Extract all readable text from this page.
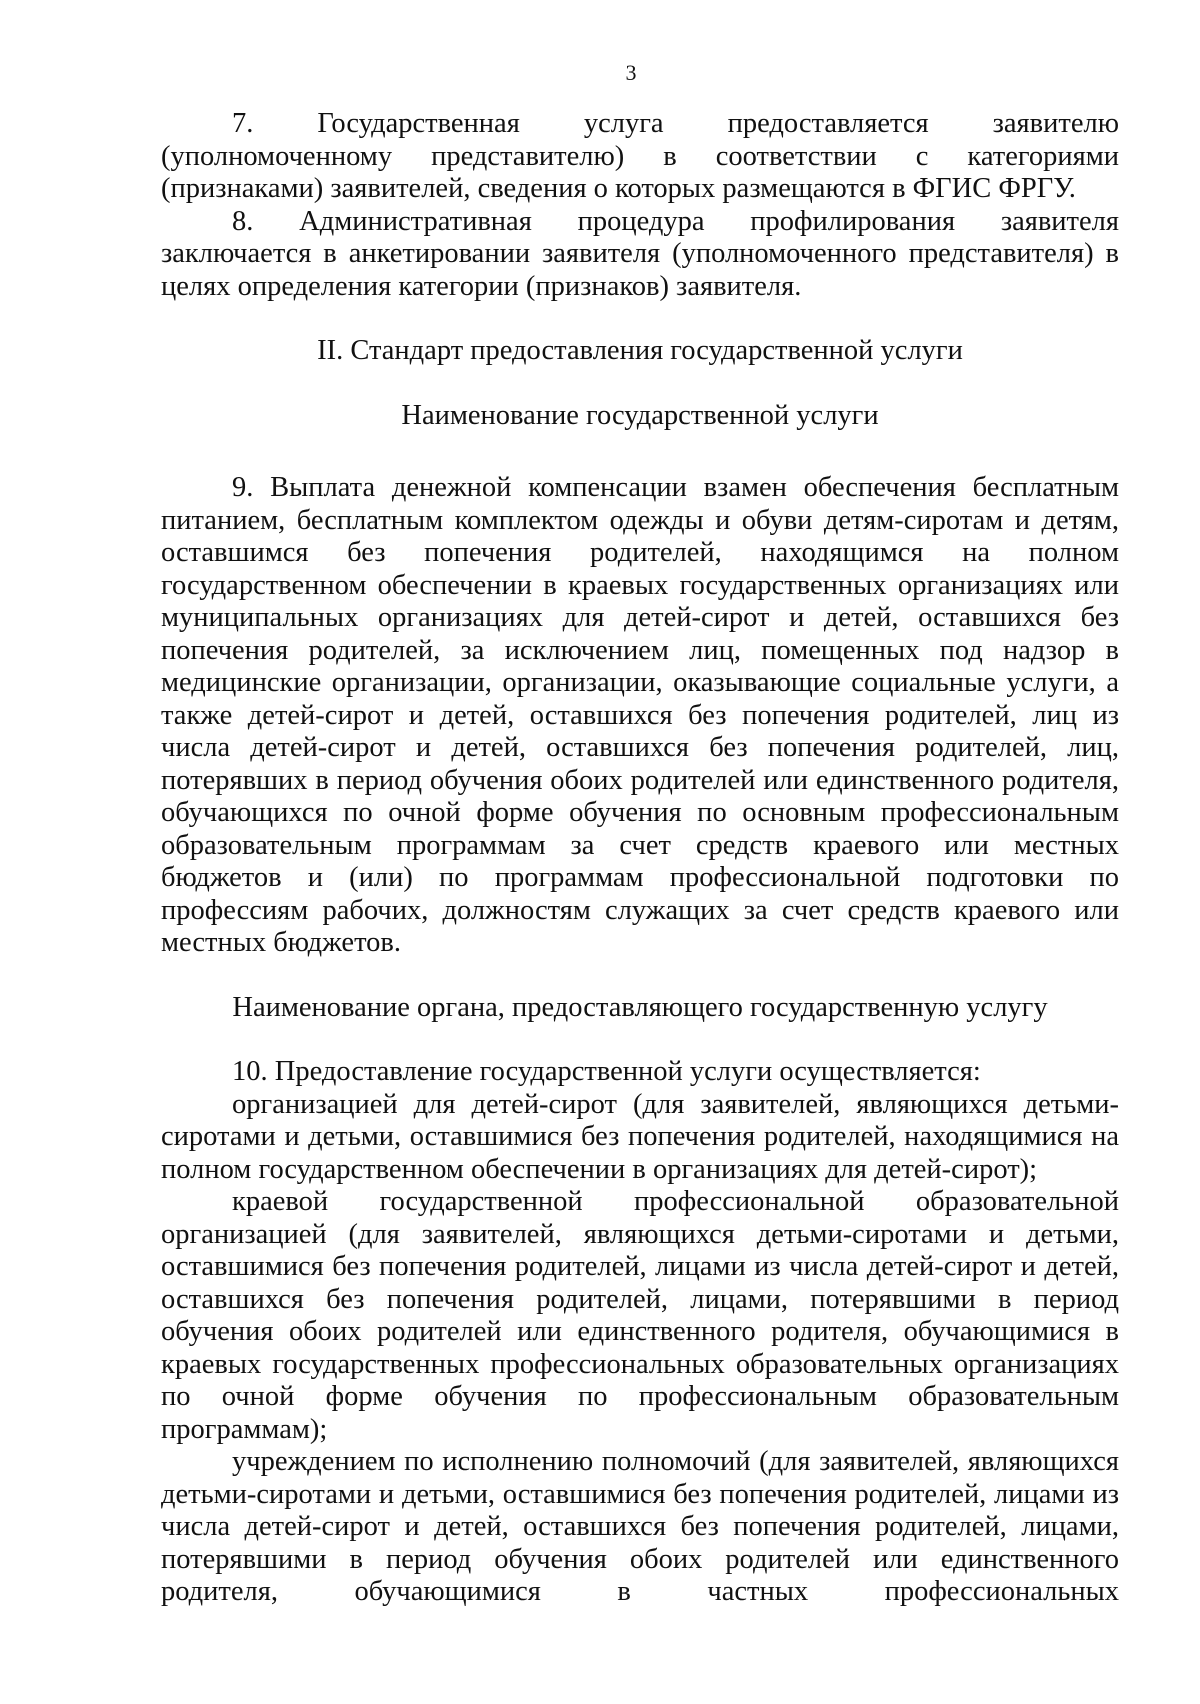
3

7. Государственная услуга предоставляется заявителю (уполномоченному представителю) в соответствии с категориями (признаками) заявителей, сведения о которых размещаются в ФГИС ФРГУ.

8. Административная процедура профилирования заявителя заключается в анкетировании заявителя (уполномоченного представителя) в целях определения категории (признаков) заявителя.

II. Стандарт предоставления государственной услуги

Наименование государственной услуги

9. Выплата денежной компенсации взамен обеспечения бесплатным питанием, бесплатным комплектом одежды и обуви детям-сиротам и детям, оставшимся без попечения родителей, находящимся на полном государственном обеспечении в краевых государственных организациях или муниципальных организациях для детей-сирот и детей, оставшихся без попечения родителей, за исключением лиц, помещенных под надзор в медицинские организации, организации, оказывающие социальные услуги, а также детей-сирот и детей, оставшихся без попечения родителей, лиц из числа детей-сирот и детей, оставшихся без попечения родителей, лиц, потерявших в период обучения обоих родителей или единственного родителя, обучающихся по очной форме обучения по основным профессиональным образовательным программам за счет средств краевого или местных бюджетов и (или) по программам профессиональной подготовки по профессиям рабочих, должностям служащих за счет средств краевого или местных бюджетов.

Наименование органа, предоставляющего государственную услугу

10. Предоставление государственной услуги осуществляется:

организацией для детей-сирот (для заявителей, являющихся детьми-сиротами и детьми, оставшимися без попечения родителей, находящимися на полном государственном обеспечении в организациях для детей-сирот);

краевой государственной профессиональной образовательной организацией (для заявителей, являющихся детьми-сиротами и детьми, оставшимися без попечения родителей, лицами из числа детей-сирот и детей, оставшихся без попечения родителей, лицами, потерявшими в период обучения обоих родителей или единственного родителя, обучающимися в краевых государственных профессиональных образовательных организациях по очной форме обучения по профессиональным образовательным программам);

учреждением по исполнению полномочий (для заявителей, являющихся детьми-сиротами и детьми, оставшимися без попечения родителей, лицами из числа детей-сирот и детей, оставшихся без попечения родителей, лицами, потерявшими в период обучения обоих родителей или единственного родителя, обучающимися в частных профессиональных
